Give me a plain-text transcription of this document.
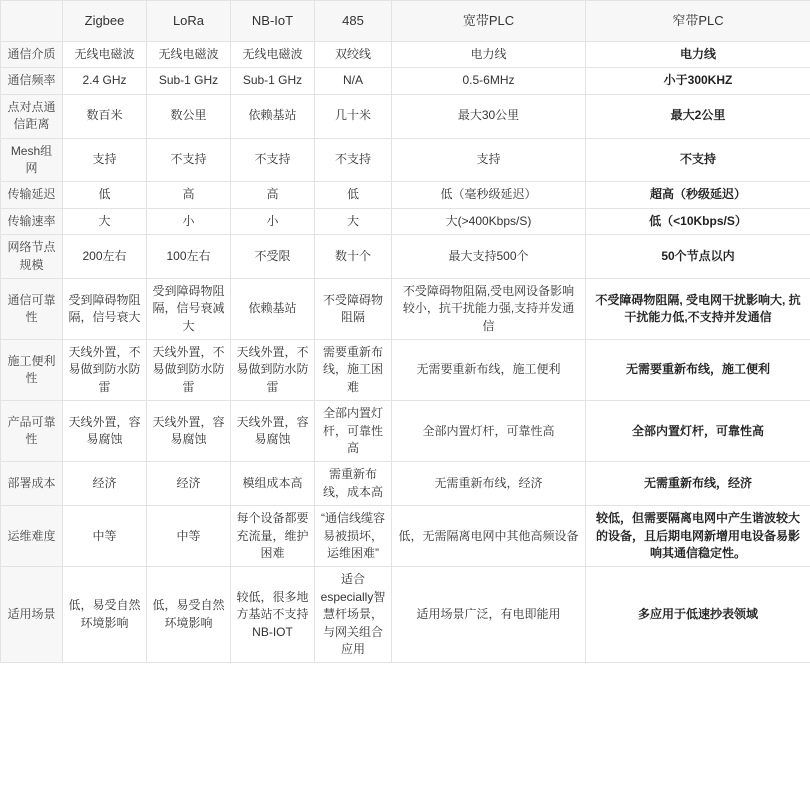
	Zigbee	LoRa	NB-IoT	485	宽带PLC	窄带PLC
通信介质	无线电磁波	无线电磁波	无线电磁波	双绞线	电力线	电力线
通信频率	2.4 GHz	Sub-1 GHz	Sub-1 GHz	N/A	0.5-6MHz	小于300KHZ
点对点通信距离	数百米	数公里	依赖基站	几十米	最大30公里	最大2公里
Mesh组网	支持	不支持	不支持	不支持	支持	不支持
传输延迟	低	高	高	低	低（毫秒级延迟）	超高（秒级延迟）
传输速率	大	小	小	大	大(>400Kbps/S)	低（<10Kbps/S）
网络节点规模	200左右	100左右	不受限	数十个	最大支持500个	50个节点以内
通信可靠性	受到障碍物阻隔，信号衰大	受到障碍物阻隔，信号衰减大	依赖基站	不受障碍物阻隔	不受障碍物阻隔,受电网设备影响较小，抗干扰能力强,支持并发通信	不受障碍物阻隔, 受电网干扰影响大, 抗干扰能力低,不支持并发通信
施工便利性	天线外置，不易做到防水防雷	天线外置，不易做到防水防雷	天线外置，不易做到防水防雷	需要重新布线，施工困难	无需要重新布线，施工便利	无需要重新布线，施工便利
产品可靠性	天线外置，容易腐蚀	天线外置，容易腐蚀	天线外置，容易腐蚀	全部内置灯杆，可靠性高	全部内置灯杆，可靠性高	全部内置灯杆，可靠性高
部署成本	经济	经济	模组成本高	需重新布线，成本高	无需重新布线，经济	无需重新布线，经济
运维难度	中等	中等	每个设备都要充流量，维护困难	“通信线缆容易被损坏，运维困难”	低，无需隔离电网中其他高频设备	较低，但需要隔离电网中产生谐波较大的设备，且后期电网新增用电设备易影响其通信稳定性。
适用场景	低，易受自然环境影响	低，易受自然环境影响	较低，很多地方基站不支持NB-IOT	适合especially智慧杆场景，与网关组合应用	适用场景广泛，有电即能用	多应用于低速抄表领域
